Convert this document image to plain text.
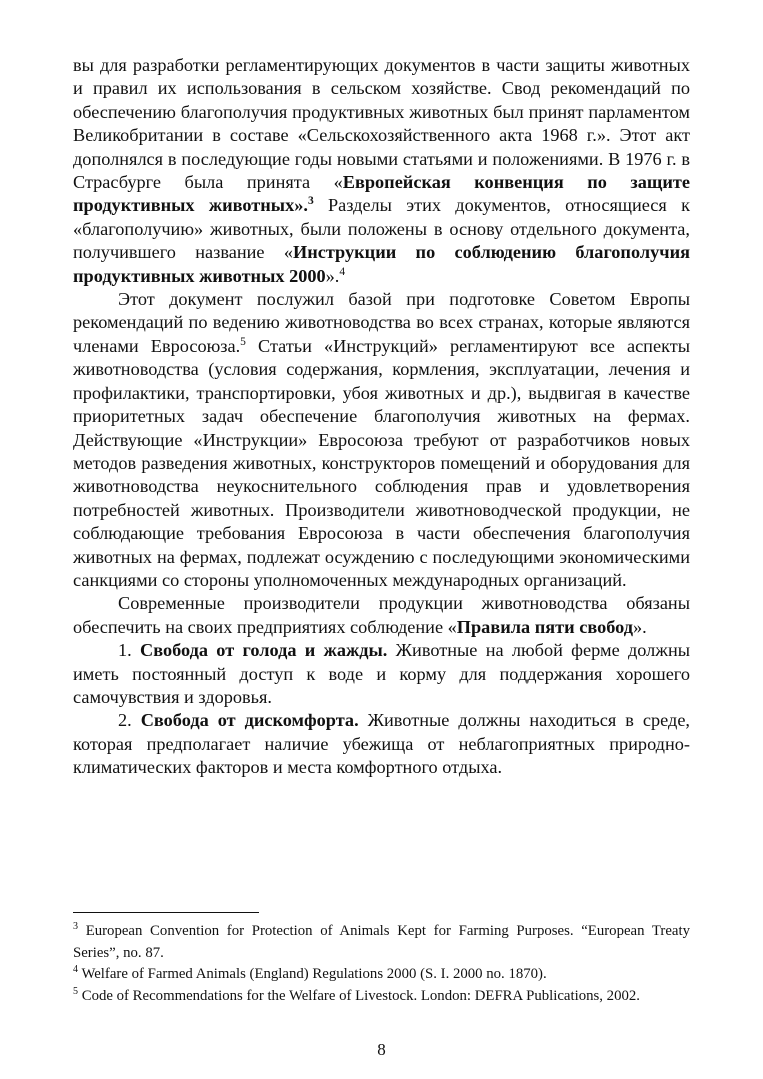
вы для разработки регламентирующих документов в части защиты животных и правил их использования в сельском хозяйстве. Свод рекомендаций по обеспечению благополучия продуктивных животных был принят парламентом Великобритании в составе «Сельскохозяйственного акта 1968 г.». Этот акт дополнялся в последующие годы новыми статьями и положениями. В 1976 г. в Страсбурге была принята «Европейская конвенция по защите продуктивных животных».$^3$ Разделы этих документов, относящиеся к «благополучию» животных, были положены в основу отдельного документа, получившего название «Инструкции по соблюдению благополучия продуктивных животных 2000».$^4$

Этот документ послужил базой при подготовке Советом Европы рекомендаций по ведению животноводства во всех странах, которые являются членами Евросоюза.$^5$ Статьи «Инструкций» регламентируют все аспекты животноводства (условия содержания, кормления, эксплуатации, лечения и профилактики, транспортировки, убоя животных и др.), выдвигая в качестве приоритетных задач обеспечение благополучия животных на фермах. Действующие «Инструкции» Евросоюза требуют от разработчиков новых методов разведения животных, конструкторов помещений и оборудования для животноводства неукоснительного соблюдения прав и удовлетворения потребностей животных. Производители животноводческой продукции, не соблюдающие требования Евросоюза в части обеспечения благополучия животных на фермах, подлежат осуждению с последующими экономическими санкциями со стороны уполномоченных международных организаций.

Современные производители продукции животноводства обязаны обеспечить на своих предприятиях соблюдение «Правила пяти свобод».

1. Свобода от голода и жажды. Животные на любой ферме должны иметь постоянный доступ к воде и корму для поддержания хорошего самочувствия и здоровья.

2. Свобода от дискомфорта. Животные должны находиться в среде, которая предполагает наличие убежища от неблагоприятных природно-климатических факторов и места комфортного отдыха.

$^3$ European Convention for Protection of Animals Kept for Farming Purposes. “European Treaty Series”, no. 87.

$^4$ Welfare of Farmed Animals (England) Regulations 2000 (S. I. 2000 no. 1870).

$^5$ Code of Recommendations for the Welfare of Livestock. London: DEFRA Publications, 2002.

8
